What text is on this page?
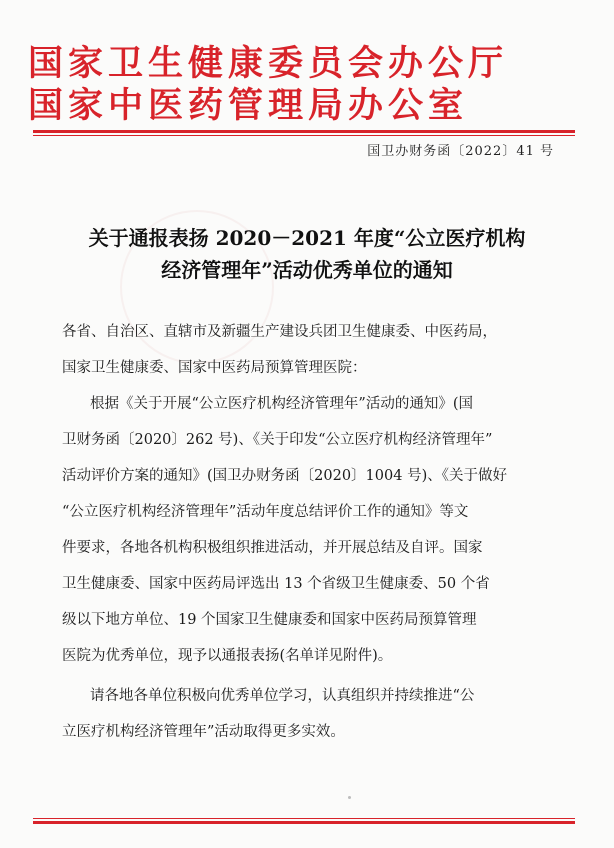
国家卫生健康委员会办公厅
国家中医药管理局办公室
国卫办财务函〔2022〕41 号
关于通报表扬 2020－2021 年度“公立医疗机构
经济管理年”活动优秀单位的通知
各省、自治区、直辖市及新疆生产建设兵团卫生健康委、中医药局，
国家卫生健康委、国家中医药局预算管理医院：
根据《关于开展“公立医疗机构经济管理年”活动的通知》(国
卫财务函〔2020〕262 号)、《关于印发“公立医疗机构经济管理年”
活动评价方案的通知》(国卫办财务函〔2020〕1004 号)、《关于做好
“公立医疗机构经济管理年”活动年度总结评价工作的通知》等文
件要求，各地各机构积极组织推进活动，并开展总结及自评。国家
卫生健康委、国家中医药局评选出 13 个省级卫生健康委、50 个省
级以下地方单位、19 个国家卫生健康委和国家中医药局预算管理
医院为优秀单位，现予以通报表扬(名单详见附件)。
请各地各单位积极向优秀单位学习，认真组织并持续推进“公
立医疗机构经济管理年”活动取得更多实效。
